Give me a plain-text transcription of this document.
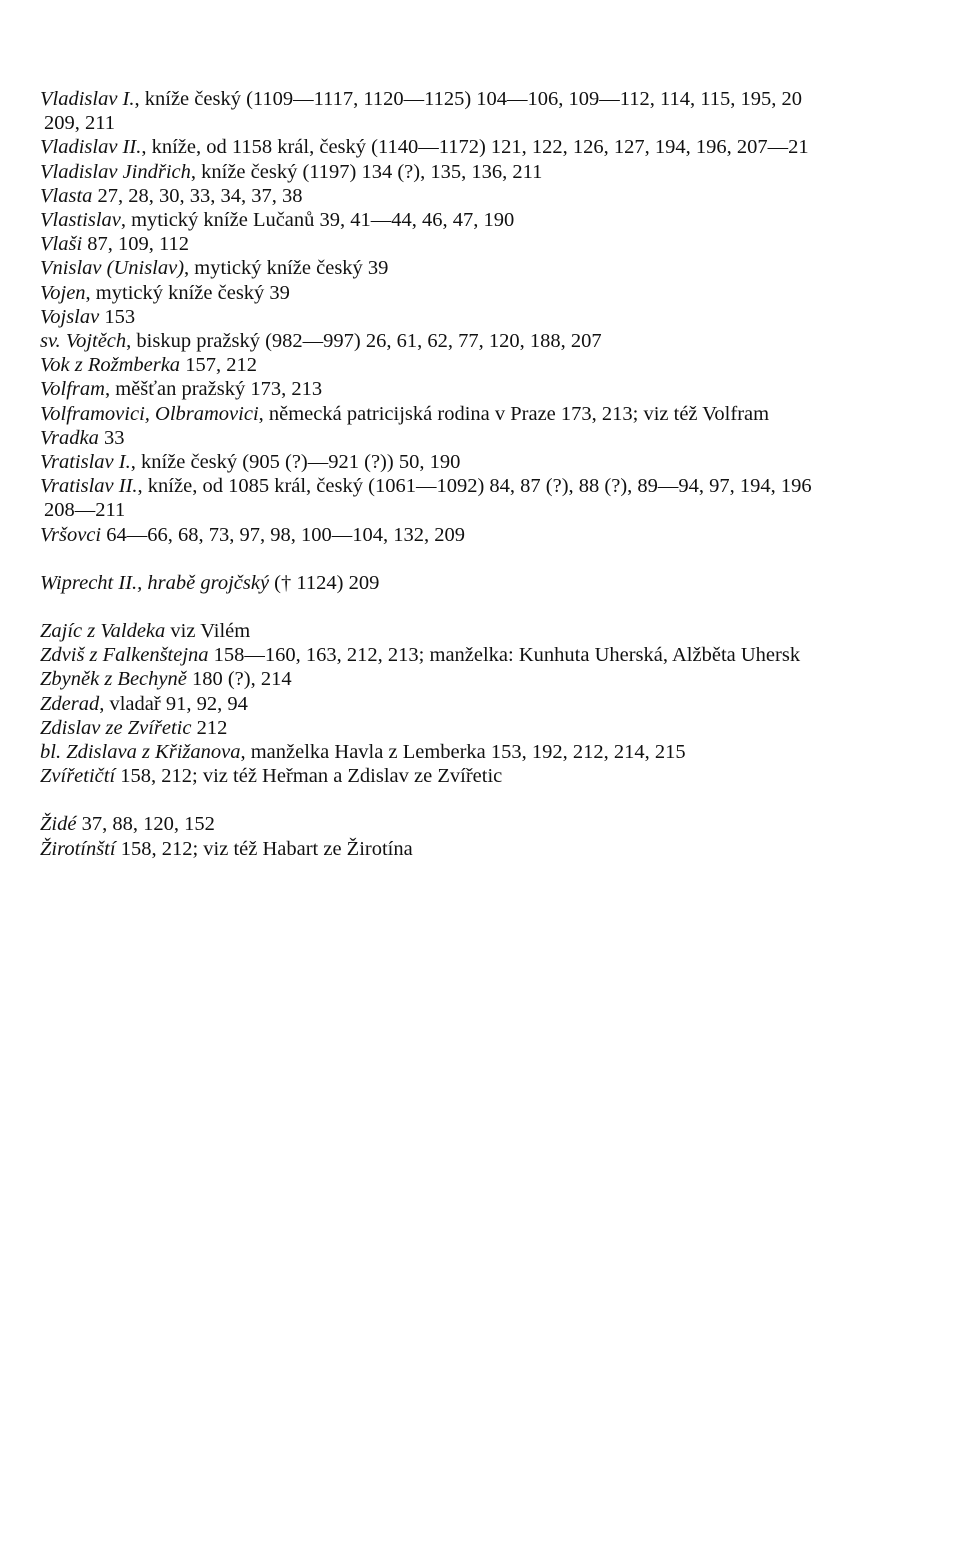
Vladislav I., kníže český (1109—1117, 1120—1125) 104—106, 109—112, 114, 115, 195, 20
209, 211

Vladislav II., kníže, od 1158 král, český (1140—1172) 121, 122, 126, 127, 194, 196, 207—21

Vladislav Jindřich, kníže český (1197) 134 (?), 135, 136, 211

Vlasta 27, 28, 30, 33, 34, 37, 38

Vlastislav, mytický kníže Lučanů 39, 41—44, 46, 47, 190

Vlaši 87, 109, 112

Vnislav (Unislav), mytický kníže český 39

Vojen, mytický kníže český 39

Vojslav 153

sv. Vojtěch, biskup pražský (982—997) 26, 61, 62, 77, 120, 188, 207

Vok z Rožmberka 157, 212

Volfram, měšťan pražský 173, 213

Volframovici, Olbramovici, německá patricijská rodina v Praze 173, 213; viz též Volfram

Vradka 33

Vratislav I., kníže český (905 (?)—921 (?)) 50, 190

Vratislav II., kníže, od 1085 král, český (1061—1092) 84, 87 (?), 88 (?), 89—94, 97, 194, 196
208—211

Vršovci 64—66, 68, 73, 97, 98, 100—104, 132, 209

Wiprecht II., hrabě grojčský († 1124) 209

Zajíc z Valdeka viz Vilém

Zdviš z Falkenštejna 158—160, 163, 212, 213; manželka: Kunhuta Uherská, Alžběta Uhersk

Zbyněk z Bechyně 180 (?), 214

Zderad, vladař 91, 92, 94

Zdislav ze Zvířetic 212

bl. Zdislava z Křižanova, manželka Havla z Lemberka 153, 192, 212, 214, 215

Zvířetičtí 158, 212; viz též Heřman a Zdislav ze Zvířetic

Židé 37, 88, 120, 152

Žirotínští 158, 212; viz též Habart ze Žirotína
